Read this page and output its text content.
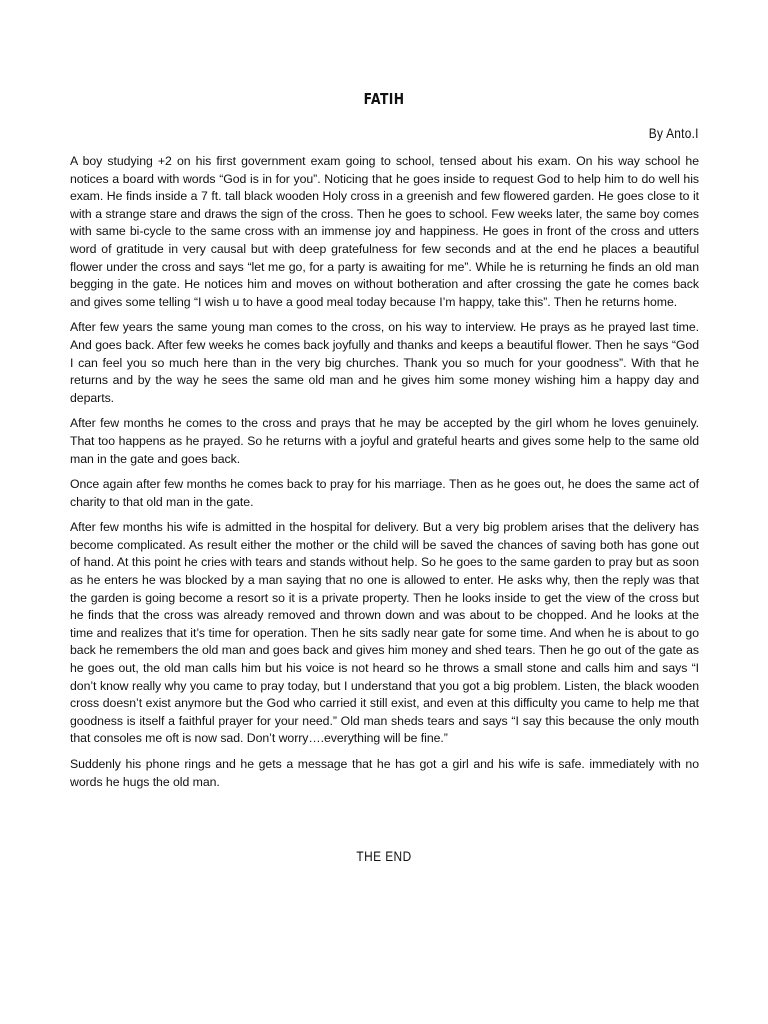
FATIH
By Anto.I

A boy studying +2 on his first government exam going to school, tensed about his exam. On his way school he notices a board with words “God is in for you”. Noticing that he goes inside to request God to help him to do well his exam. He finds inside a 7 ft. tall black wooden Holy cross in a greenish and few flowered garden. He goes close to it with a strange stare and draws the sign of the cross. Then he goes to school. Few weeks later, the same boy comes with same bi-cycle to the same cross with an immense joy and happiness. He goes in front of the cross and utters word of gratitude in very causal but with deep gratefulness for few seconds and at the end he places a beautiful flower under the cross and says “let me go, for a party is awaiting for me”. While he is returning he finds an old man begging in the gate. He notices him and moves on without botheration and after crossing the gate he comes back and gives some telling “I wish u to have a good meal today because I’m happy, take this”. Then he returns home.

After few years the same young man comes to the cross, on his way to interview. He prays as he prayed last time. And goes back. After few weeks he comes back joyfully and thanks and keeps a beautiful flower. Then he says “God I can feel you so much here than in the very big churches. Thank you so much for your goodness”. With that he returns and by the way he sees the same old man and he gives him some money wishing him a happy day and departs.

After few months he comes to the cross and prays that he may be accepted by the girl whom he loves genuinely. That too happens as he prayed. So he returns with a joyful and grateful hearts and gives some help to the same old man in the gate and goes back.

Once again after few months he comes back to pray for his marriage. Then as he goes out, he does the same act of charity to that old man in the gate.

After few months his wife is admitted in the hospital for delivery. But a very big problem arises that the delivery has become complicated. As result either the mother or the child will be saved the chances of saving both has gone out of hand. At this point he cries with tears and stands without help. So he goes to the same garden to pray but as soon as he enters he was blocked by a man saying that no one is allowed to enter. He asks why, then the reply was that the garden is going become a resort so it is a private property. Then he looks inside to get the view of the cross but he finds that the cross was already removed and thrown down and was about to be chopped. And he looks at the time and realizes that it’s time for operation. Then he sits sadly near gate for some time. And when he is about to go back he remembers the old man and goes back and gives him money and shed tears. Then he go out of the gate as he goes out, the old man calls him but his voice is not heard so he throws a small stone and calls him and says “I don’t know really why you came to pray today, but I understand that you got a big problem. Listen, the black wooden cross doesn’t exist anymore but the God who carried it still exist, and even at this difficulty you came to help me that goodness is itself a faithful prayer for your need.” Old man sheds tears and says “I say this because the only mouth that consoles me oft is now sad. Don’t worry….everything will be fine.”

Suddenly his phone rings and he gets a message that he has got a girl and his wife is safe. immediately with no words he hugs the old man.

THE END
